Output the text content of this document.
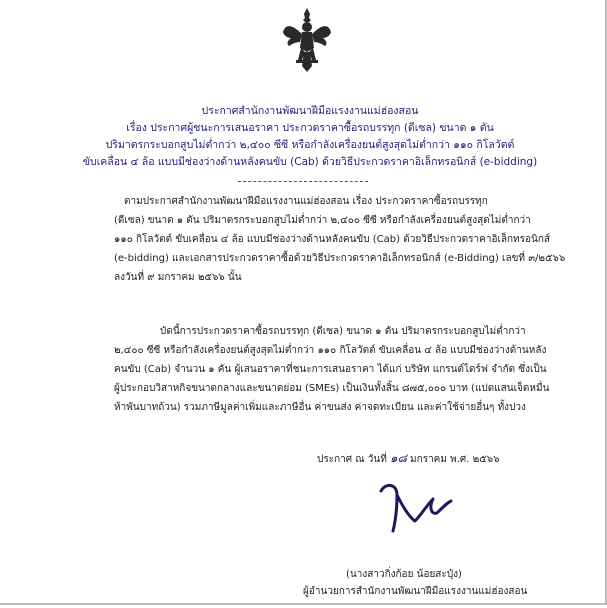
ประกาศสำนักงานพัฒนาฝีมือแรงงานแม่ฮ่องสอน
เรื่อง ประกาศผู้ชนะการเสนอราคา ประกวดราคาซื้อรถบรรทุก (ดีเซล) ขนาด ๑ ตัน
ปริมาตรกระบอกสูบไม่ต่ำกว่า ๒,๔๐๐ ซีซี หรือกำลังเครื่องยนต์สูงสุดไม่ต่ำกว่า ๑๑๐ กิโลวัตต์
ขับเคลื่อน ๔ ล้อ แบบมีช่องว่างด้านหลังคนขับ (Cab) ด้วยวิธีประกวดราคาอิเล็กทรอนิกส์ (e-bidding)
ตามประกาศสำนักงานพัฒนาฝีมือแรงงานแม่ฮ่องสอน เรื่อง ประกวดราคาซื้อรถบรรทุก
(ดีเซล) ขนาด ๑ ตัน ปริมาตรกระบอกสูบไม่ต่ำกว่า ๒,๔๐๐ ซีซี หรือกำลังเครื่องยนต์สูงสุดไม่ต่ำกว่า
๑๑๐ กิโลวัตต์ ขับเคลื่อน ๔ ล้อ แบบมีช่องว่างด้านหลังคนขับ (Cab) ด้วยวิธีประกวดราคาอิเล็กทรอนิกส์
(e-bidding) และเอกสารประกวดราคาซื้อด้วยวิธีประกวดราคาอิเล็กทรอนิกส์ (e-Bidding) เลขที่ ๓/๒๕๖๖
ลงวันที่ ๙ มกราคม ๒๕๖๖ นั้น
บัดนี้การประกวดราคาซื้อรถบรรทุก (ดีเซล) ขนาด ๑ ตัน ปริมาตรกระบอกสูบไม่ต่ำกว่า
๒,๔๐๐ ซีซี หรือกำลังเครื่องยนต์สูงสุดไม่ต่ำกว่า ๑๑๐ กิโลวัตต์ ขับเคลื่อน ๔ ล้อ แบบมีช่องว่างด้านหลัง
คนขับ (Cab) จำนวน ๑ คัน ผู้เสนอราคาที่ชนะการเสนอราคา ได้แก่ บริษัท แกรนด์ไดร์ฟ จำกัด ซึ่งเป็น
ผู้ประกอบวิสาหกิจขนาดกลางและขนาดย่อม (SMEs) เป็นเงินทั้งสิ้น ๘๗๕,๐๐๐ บาท (แปดแสนเจ็ดหมื่น
ห้าพันบาทถ้วน) รวมภาษีมูลค่าเพิ่มและภาษีอื่น ค่าขนส่ง ค่าจดทะเบียน และค่าใช้จ่ายอื่นๆ ทั้งปวง
ประกาศ ณ วันที่ ๑๘ มกราคม พ.ศ. ๒๕๖๖
(นางสาวกิ่งก้อย น้อยสะปุ๋ง)
ผู้อำนวยการสำนักงานพัฒนาฝีมือแรงงานแม่ฮ่องสอน
